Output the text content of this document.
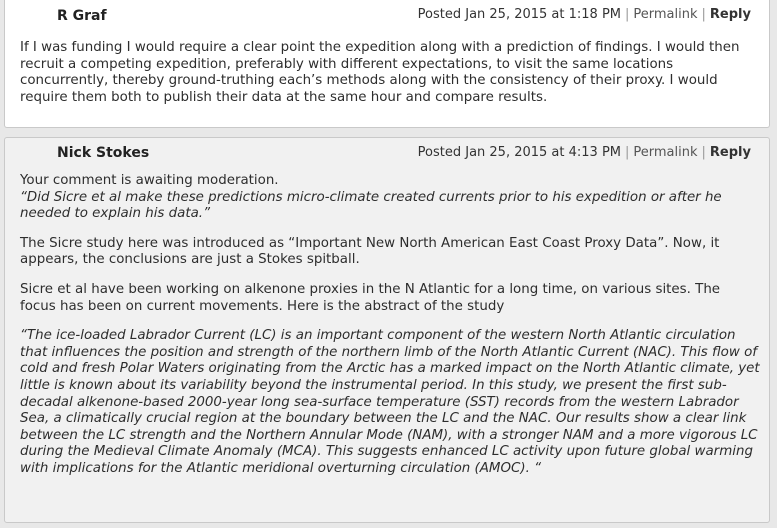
R Graf	Posted Jan 25, 2015 at 1:18 PM | Permalink | Reply

If I was funding I would require a clear point the expedition along with a prediction of findings. I would then recruit a competing expedition, preferably with different expectations, to visit the same locations concurrently, thereby ground-truthing each’s methods along with the consistency of their proxy. I would require them both to publish their data at the same hour and compare results.

Nick Stokes	Posted Jan 25, 2015 at 4:13 PM | Permalink | Reply

Your comment is awaiting moderation.
“Did Sicre et al make these predictions micro-climate created currents prior to his expedition or after he needed to explain his data.”

The Sicre study here was introduced as “Important New North American East Coast Proxy Data”. Now, it appears, the conclusions are just a Stokes spitball.

Sicre et al have been working on alkenone proxies in the N Atlantic for a long time, on various sites. The focus has been on current movements. Here is the abstract of the study

“The ice-loaded Labrador Current (LC) is an important component of the western North Atlantic circulation that influences the position and strength of the northern limb of the North Atlantic Current (NAC). This flow of cold and fresh Polar Waters originating from the Arctic has a marked impact on the North Atlantic climate, yet little is known about its variability beyond the instrumental period. In this study, we present the first sub-decadal alkenone-based 2000-year long sea-surface temperature (SST) records from the western Labrador Sea, a climatically crucial region at the boundary between the LC and the NAC. Our results show a clear link between the LC strength and the Northern Annular Mode (NAM), with a stronger NAM and a more vigorous LC during the Medieval Climate Anomaly (MCA). This suggests enhanced LC activity upon future global warming with implications for the Atlantic meridional overturning circulation (AMOC). “
